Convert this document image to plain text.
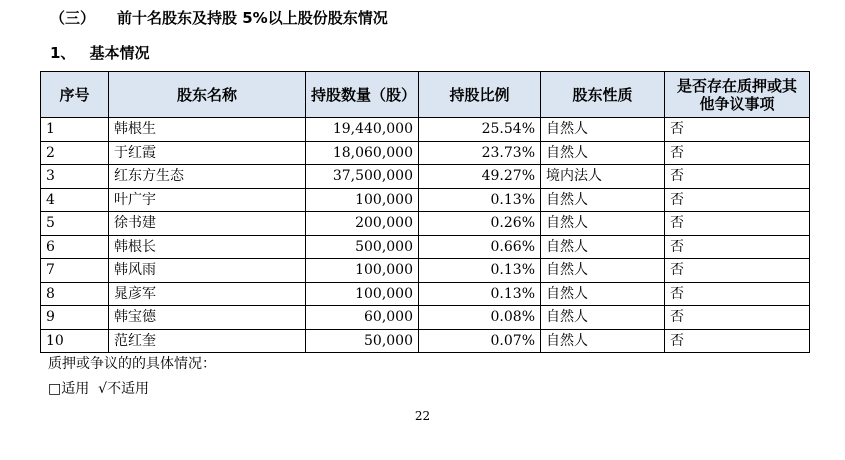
（三） 前十名股东及持股 5%以上股份股东情况
1、 基本情况
序号	股东名称	持股数量（股）	持股比例	股东性质	是否存在质押或其他争议事项
1	韩根生	19,440,000	25.54%	自然人	否
2	于红霞	18,060,000	23.73%	自然人	否
3	红东方生态	37,500,000	49.27%	境内法人	否
4	叶广宇	100,000	0.13%	自然人	否
5	徐书建	200,000	0.26%	自然人	否
6	韩根长	500,000	0.66%	自然人	否
7	韩风雨	100,000	0.13%	自然人	否
8	晁彦军	100,000	0.13%	自然人	否
9	韩宝德	60,000	0.08%	自然人	否
10	范红奎	50,000	0.07%	自然人	否
质押或争议的的具体情况：
□适用 √不适用
22
